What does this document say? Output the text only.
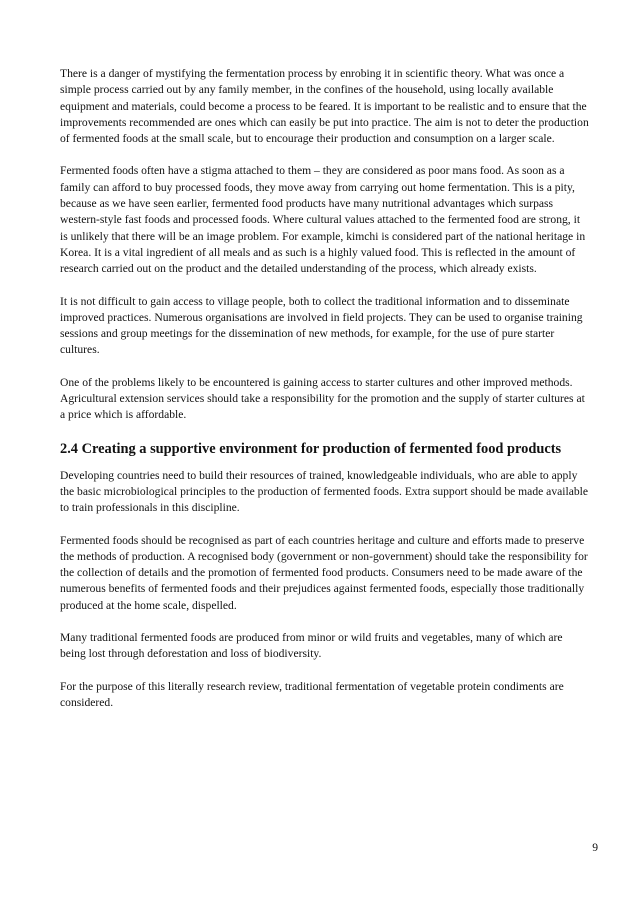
There is a danger of mystifying the fermentation process by enrobing it in scientific theory. What was once a simple process carried out by any family member, in the confines of the household, using locally available equipment and materials, could become a process to be feared. It is important to be realistic and to ensure that the improvements recommended are ones which can easily be put into practice. The aim is not to deter the production of fermented foods at the small scale, but to encourage their production and consumption on a larger scale.

Fermented foods often have a stigma attached to them – they are considered as poor mans food. As soon as a family can afford to buy processed foods, they move away from carrying out home fermentation. This is a pity, because as we have seen earlier, fermented food products have many nutritional advantages which surpass western-style fast foods and processed foods. Where cultural values attached to the fermented food are strong, it is unlikely that there will be an image problem. For example, kimchi is considered part of the national heritage in Korea. It is a vital ingredient of all meals and as such is a highly valued food. This is reflected in the amount of research carried out on the product and the detailed understanding of the process, which already exists.

It is not difficult to gain access to village people, both to collect the traditional information and to disseminate improved practices. Numerous organisations are involved in field projects. They can be used to organise training sessions and group meetings for the dissemination of new methods, for example, for the use of pure starter cultures.

One of the problems likely to be encountered is gaining access to starter cultures and other improved methods. Agricultural extension services should take a responsibility for the promotion and the supply of starter cultures at a price which is affordable.

2.4 Creating a supportive environment for production of fermented food products

Developing countries need to build their resources of trained, knowledgeable individuals, who are able to apply the basic microbiological principles to the production of fermented foods. Extra support should be made available to train professionals in this discipline.

Fermented foods should be recognised as part of each countries heritage and culture and efforts made to preserve the methods of production. A recognised body (government or non-government) should take the responsibility for the collection of details and the promotion of fermented food products. Consumers need to be made aware of the numerous benefits of fermented foods and their prejudices against fermented foods, especially those traditionally produced at the home scale, dispelled.

Many traditional fermented foods are produced from minor or wild fruits and vegetables, many of which are being lost through deforestation and loss of biodiversity.

For the purpose of this literally research review, traditional fermentation of vegetable protein condiments are considered.

9
